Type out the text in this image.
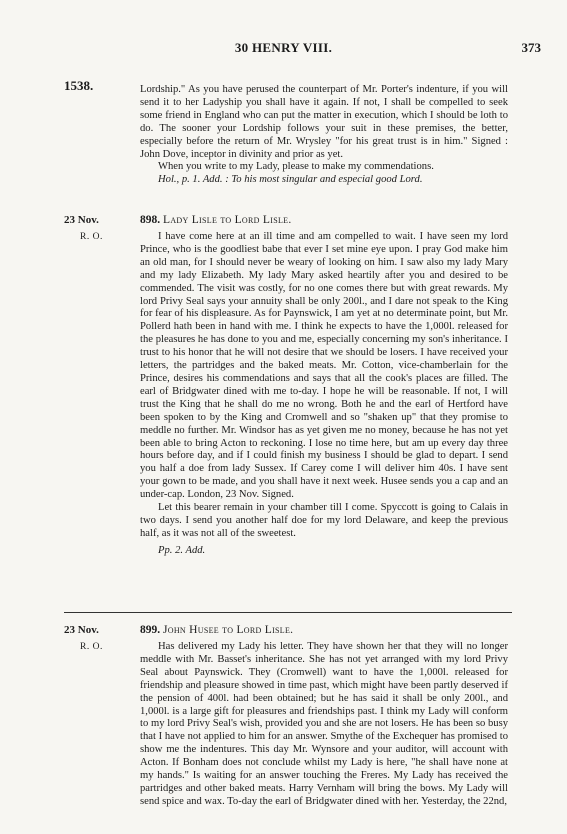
30 HENRY VIII.	373
1538.	Lordship." As you have perused the counterpart of Mr. Porter's indenture, if you will send it to her Ladyship you shall have it again. If not, I shall be compelled to seek some friend in England who can put the matter in execution, which I should be loth to do. The sooner your Lordship follows your suit in these premises, the better, especially before the return of Mr. Wrysley "for his great trust is in him." Signed : John Dove, inceptor in divinity and prior as yet.

When you write to my Lady, please to make my commendations.

Hol., p. 1. Add. : To his most singular and especial good Lord.

23 Nov.
R. O.
898. Lady Lisle to Lord Lisle.

I have come here at an ill time and am compelled to wait. I have seen my lord Prince, who is the goodliest babe that ever I set mine eye upon. I pray God make him an old man, for I should never be weary of looking on him. I saw also my lady Mary and my lady Elizabeth. My lady Mary asked heartily after you and desired to be commended. The visit was costly, for no one comes there but with great rewards. My lord Privy Seal says your annuity shall be only 200l., and I dare not speak to the King for fear of his displeasure. As for Paynswick, I am yet at no determinate point, but Mr. Pollerd hath been in hand with me. I think he expects to have the 1,000l. released for the pleasures he has done to you and me, especially concerning my son's inheritance. I trust to his honor that he will not desire that we should be losers. I have received your letters, the partridges and the baked meats. Mr. Cotton, vice-chamberlain for the Prince, desires his commendations and says that all the cook's places are filled. The earl of Bridgwater dined with me to-day. I hope he will be reasonable. If not, I will trust the King that he shall do me no wrong. Both he and the earl of Hertford have been spoken to by the King and Cromwell and so "shaken up" that they promise to meddle no further. Mr. Windsor has as yet given me no money, because he has not yet been able to bring Acton to reckoning. I lose no time here, but am up every day three hours before day, and if I could finish my business I should be glad to depart. I send you half a doe from lady Sussex. If Carey come I will deliver him 40s. I have sent your gown to be made, and you shall have it next week. Husee sends you a cap and an under-cap. London, 23 Nov. Signed.

Let this bearer remain in your chamber till I come. Spyccott is going to Calais in two days. I send you another half doe for my lord Delaware, and keep the previous half, as it was not all of the sweetest.

Pp. 2. Add.

23 Nov.
R. O.
899. John Husee to Lord Lisle.

Has delivered my Lady his letter. They have shown her that they will no longer meddle with Mr. Basset's inheritance. She has not yet arranged with my lord Privy Seal about Paynswick. They (Cromwell) want to have the 1,000l. released for friendship and pleasure showed in time past, which might have been partly deserved if the pension of 400l. had been obtained; but he has said it shall be only 200l., and 1,000l. is a large gift for pleasures and friendships past. I think my Lady will conform to my lord Privy Seal's wish, provided you and she are not losers. He has been so busy that I have not applied to him for an answer. Smythe of the Exchequer has promised to show me the indentures. This day Mr. Wynsore and your auditor, will account with Acton. If Bonham does not conclude whilst my Lady is here, "he shall have none at my hands." Is waiting for an answer touching the Freres. My Lady has received the partridges and other baked meats. Harry Vernham will bring the bows. My Lady will send spice and wax. To-day the earl of Bridgwater dined with her. Yesterday, the 22nd,
